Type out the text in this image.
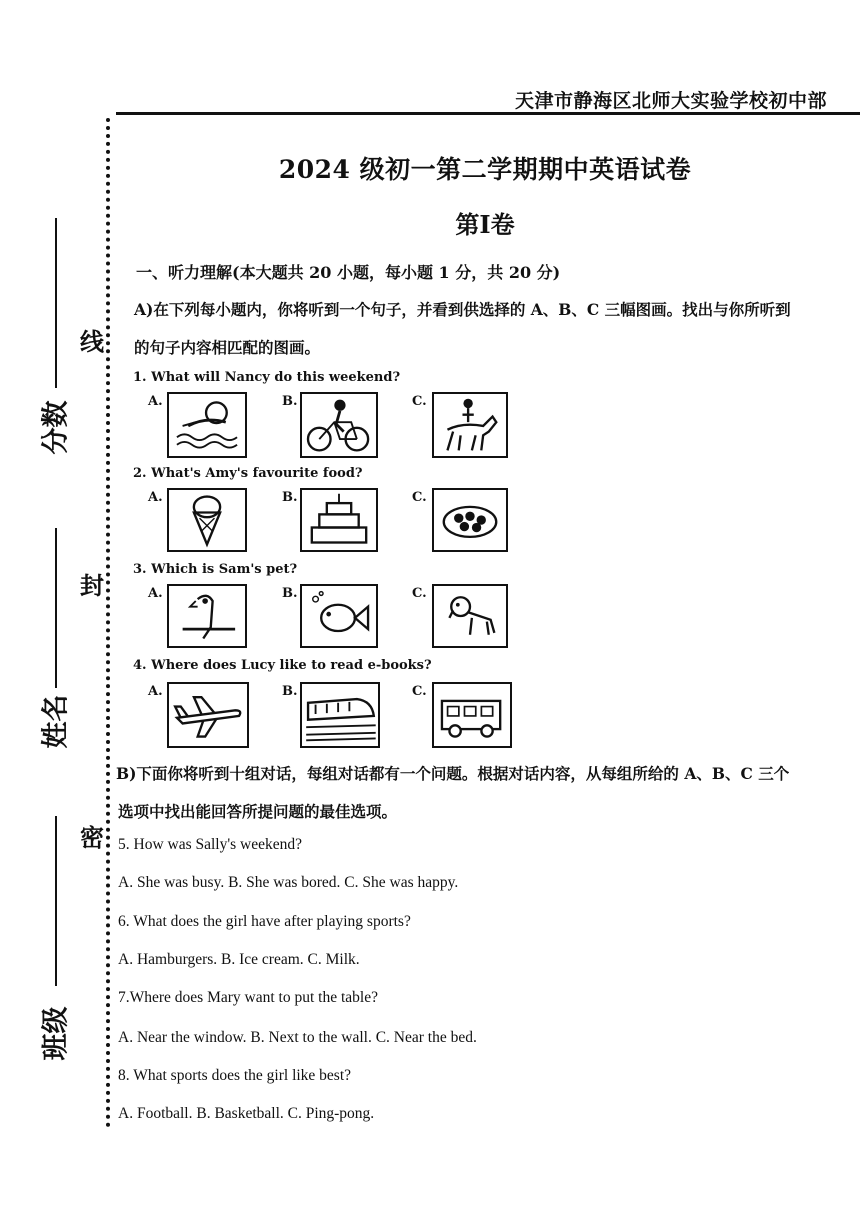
天津市静海区北师大实验学校初中部
线
封
密
分数
姓名
班级
2024 级初一第二学期期中英语试卷
第I卷
一、听力理解(本大题共 20 小题，每小题 1 分，共 20 分)
A)在下列每小题内，你将听到一个句子，并看到供选择的 A、B、C 三幅图画。找出与你所听到
的句子内容相匹配的图画。
1. What will Nancy do this weekend?
A.	B.	C.
2. What's Amy's favourite food?
A.	B.	C.
3. Which is Sam's pet?
A.	B.	C.
4. Where does Lucy like to read e-books?
A.	B.	C.
B)下面你将听到十组对话，每组对话都有一个问题。根据对话内容，从每组所给的 A、B、C 三个
选项中找出能回答所提问题的最佳选项。
5. How was Sally's weekend?
A. She was busy. B. She was bored. C. She was happy.
6. What does the girl have after playing sports?
A. Hamburgers. B. Ice cream. C. Milk.
7.Where does Mary want to put the table?
A. Near the window. B. Next to the wall. C. Near the bed.
8. What sports does the girl like best?
A. Football. B. Basketball. C. Ping-pong.
